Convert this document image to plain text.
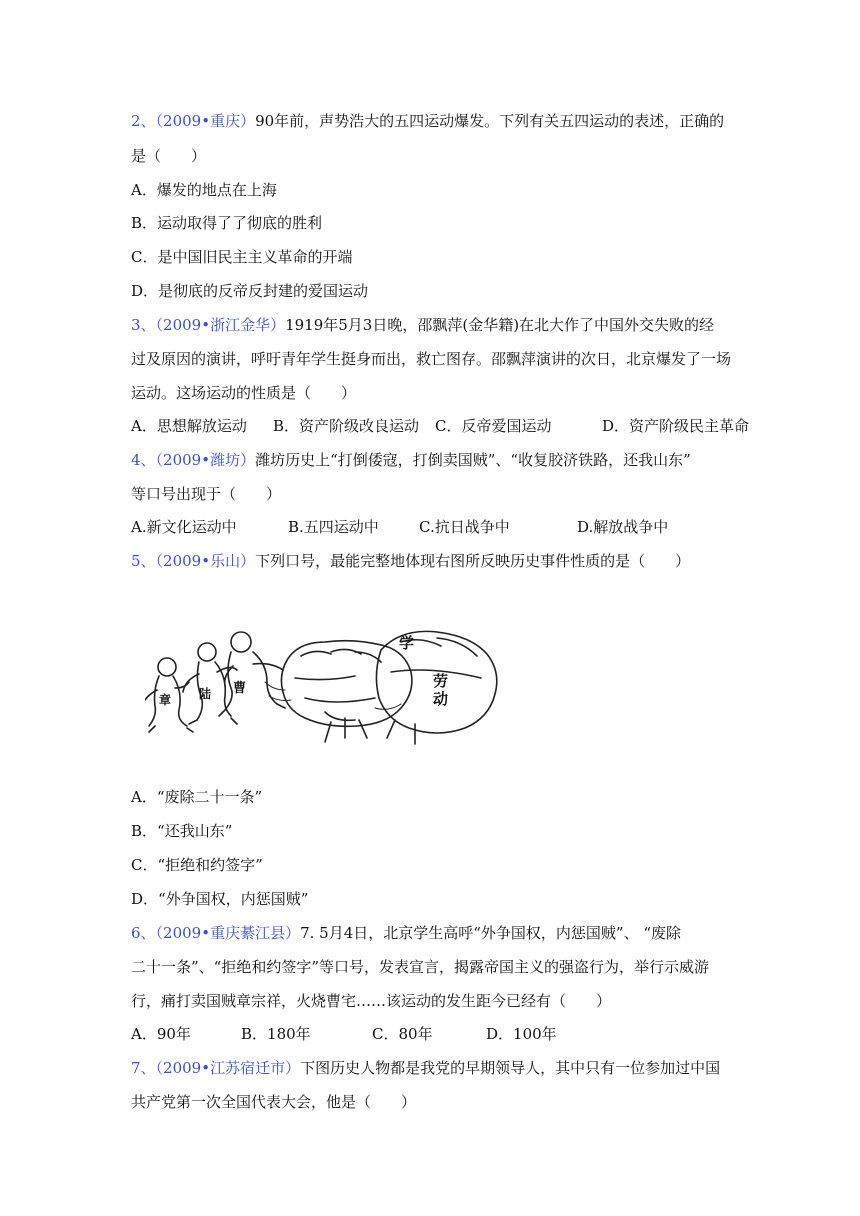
2、（2009•重庆）90年前，声势浩大的五四运动爆发。下列有关五四运动的表述，正确的
是（　　）
A．爆发的地点在上海
B．运动取得了了彻底的胜利
C．是中国旧民主主义革命的开端
D．是彻底的反帝反封建的爱国运动
3、（2009•浙江金华）1919年5月3日晚，邵飘萍(金华籍)在北大作了中国外交失败的经
过及原因的演讲，呼吁青年学生挺身而出，救亡图存。邵飘萍演讲的次日，北京爆发了一场
运动。这场运动的性质是（　　）
A．思想解放运动 B．资产阶级改良运动 C．反帝爱国运动	D．资产阶级民主革命
4、（2009•潍坊）潍坊历史上“打倒倭寇，打倒卖国贼”、“收复胶济铁路，还我山东”
等口号出现于（　　）
A.新文化运动中	B.五四运动中	C.抗日战争中	D.解放战争中
5、（2009•乐山）下列口号，最能完整地体现右图所反映历史事件性质的是（　　）
学
劳
动
曹
陆
章
A．“废除二十一条”
B．“还我山东”
C．“拒绝和约签字”
D．“外争国权，内惩国贼”
6、（2009•重庆綦江县）7. 5月4日，北京学生高呼“外争国权，内惩国贼”、 “废除
二十一条”、“拒绝和约签字”等口号，发表宣言，揭露帝国主义的强盗行为，举行示威游
行，痛打卖国贼章宗祥，火烧曹宅……该运动的发生距今已经有（　　）
A．90年	B．180年	C．80年	D．100年
7、（2009•江苏宿迁市）下图历史人物都是我党的早期领导人，其中只有一位参加过中国
共产党第一次全国代表大会，他是（　　）
